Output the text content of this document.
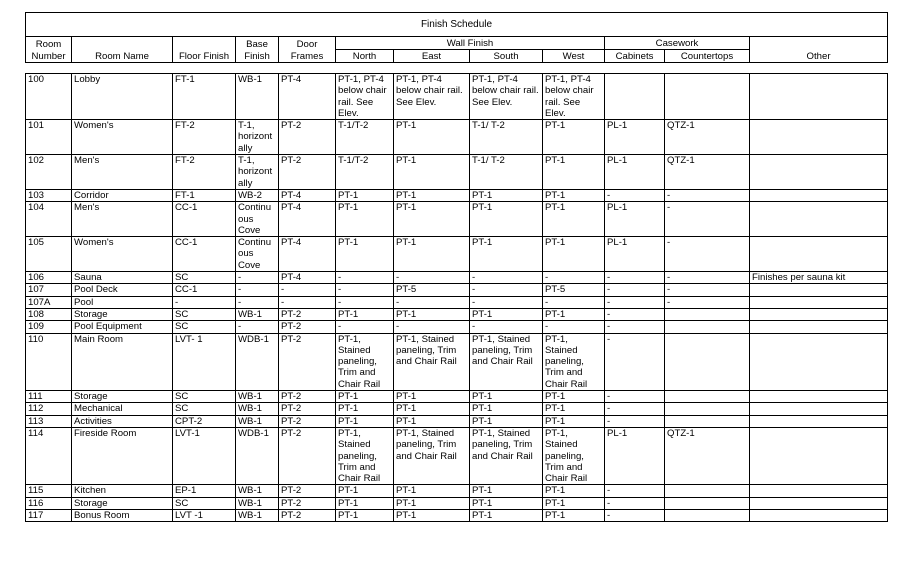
Finish Schedule											
Room Number	Room Name	Floor Finish	Base Finish	Door Frames	Wall Finish				Casework		Other
					North	East	South	West	Cabinets	Countertops	

100	Lobby	FT-1	WB-1	PT-4	PT-1, PT-4 below chair rail. See Elev.	PT-1, PT-4 below chair rail. See Elev.	PT-1, PT-4 below chair rail. See Elev.	PT-1, PT-4 below chair rail. See Elev.			
101	Women's	FT-2	T-1, horizontally	PT-2	T-1/T-2	PT-1	T-1/ T-2	PT-1	PL-1	QTZ-1	
102	Men's	FT-2	T-1, horizontally	PT-2	T-1/T-2	PT-1	T-1/ T-2	PT-1	PL-1	QTZ-1	
103	Corridor	FT-1	WB-2	PT-4	PT-1	PT-1	PT-1	PT-1	-	-	
104	Men's	CC-1	Continuous Cove	PT-4	PT-1	PT-1	PT-1	PT-1	PL-1	-	
105	Women's	CC-1	Continuous Cove	PT-4	PT-1	PT-1	PT-1	PT-1	PL-1	-	
106	Sauna	SC	-	PT-4	-	-	-	-	-	-	Finishes per sauna kit
107	Pool Deck	CC-1	-	-	-	PT-5	-	PT-5	-	-	
107A	Pool	-	-	-	-	-	-	-	-	-	
108	Storage	SC	WB-1	PT-2	PT-1	PT-1	PT-1	PT-1	-		
109	Pool Equipment	SC	-	PT-2	-	-	-	-	-		
110	Main Room	LVT- 1	WDB-1	PT-2	PT-1, Stained paneling, Trim and Chair Rail	PT-1, Stained paneling, Trim and Chair Rail	PT-1, Stained paneling, Trim and Chair Rail	PT-1, Stained paneling, Trim and Chair Rail	-		
111	Storage	SC	WB-1	PT-2	PT-1	PT-1	PT-1	PT-1	-		
112	Mechanical	SC	WB-1	PT-2	PT-1	PT-1	PT-1	PT-1	-		
113	Activities	CPT-2	WB-1	PT-2	PT-1	PT-1	PT-1	PT-1	-		
114	Fireside Room	LVT-1	WDB-1	PT-2	PT-1, Stained paneling, Trim and Chair Rail	PT-1, Stained paneling, Trim and Chair Rail	PT-1, Stained paneling, Trim and Chair Rail	PT-1, Stained paneling, Trim and Chair Rail	PL-1	QTZ-1	
115	Kitchen	EP-1	WB-1	PT-2	PT-1	PT-1	PT-1	PT-1	-		
116	Storage	SC	WB-1	PT-2	PT-1	PT-1	PT-1	PT-1	-		
117	Bonus Room	LVT -1	WB-1	PT-2	PT-1	PT-1	PT-1	PT-1	-		
